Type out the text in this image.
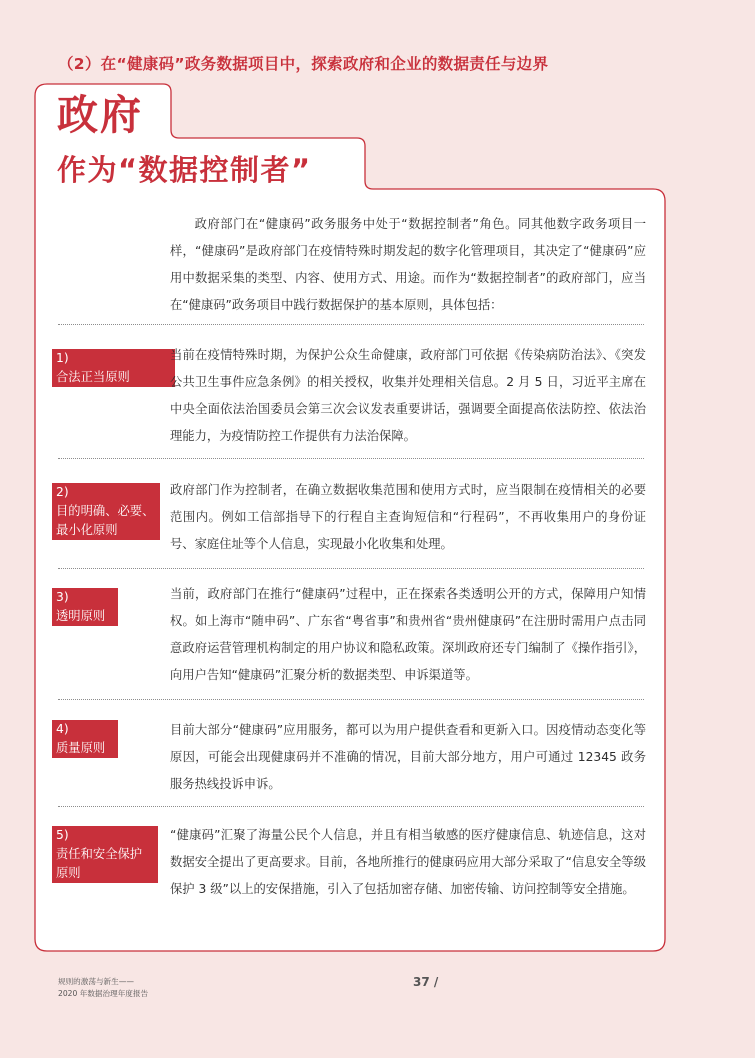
（2）在“健康码”政务数据项目中，探索政府和企业的数据责任与边界
政府
作为“数据控制者”
政府部门在“健康码”政务服务中处于“数据控制者”角色。同其他数字政务项目一样，“健康码”是政府部门在疫情特殊时期发起的数字化管理项目，其决定了“健康码”应用中数据采集的类型、内容、使用方式、用途。而作为“数据控制者”的政府部门，应当在“健康码”政务项目中践行数据保护的基本原则，具体包括：
1)
合法正当原则
当前在疫情特殊时期，为保护公众生命健康，政府部门可依据《传染病防治法》、《突发公共卫生事件应急条例》的相关授权，收集并处理相关信息。2 月 5 日，习近平主席在中央全面依法治国委员会第三次会议发表重要讲话，强调要全面提高依法防控、依法治理能力，为疫情防控工作提供有力法治保障。
2)
目的明确、必要、最小化原则
政府部门作为控制者，在确立数据收集范围和使用方式时，应当限制在疫情相关的必要范围内。例如工信部指导下的行程自主查询短信和“行程码”，不再收集用户的身份证号、家庭住址等个人信息，实现最小化收集和处理。
3)
透明原则
当前，政府部门在推行“健康码”过程中，正在探索各类透明公开的方式，保障用户知情权。如上海市“随申码”、广东省“粤省事”和贵州省“贵州健康码”在注册时需用户点击同意政府运营管理机构制定的用户协议和隐私政策。深圳政府还专门编制了《操作指引》，向用户告知“健康码”汇聚分析的数据类型、申诉渠道等。
4)
质量原则
目前大部分“健康码”应用服务，都可以为用户提供查看和更新入口。因疫情动态变化等原因，可能会出现健康码并不准确的情况，目前大部分地方，用户可通过 12345 政务服务热线投诉申诉。
5)
责任和安全保护原则
“健康码”汇聚了海量公民个人信息，并且有相当敏感的医疗健康信息、轨迹信息，这对数据安全提出了更高要求。目前，各地所推行的健康码应用大部分采取了“信息安全等级保护 3 级”以上的安保措施，引入了包括加密存储、加密传输、访问控制等安全措施。
规则的激荡与新生——
2020 年数据治理年度报告
37 /
